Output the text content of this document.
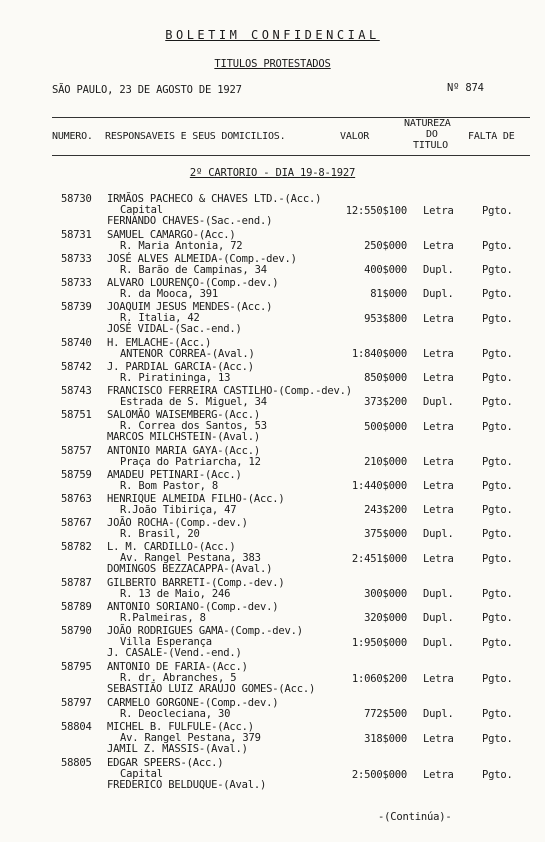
BOLETIM CONFIDENCIAL
TITULOS PROTESTADOS
SÃO PAULO, 23 DE AGOSTO DE 1927	Nº 874
NUMERO. RESPONSAVEIS E SEUS DOMICILIOS.	VALOR
NATUREZA
DO
TITULO
FALTA DE
2º CARTORIO - DIA 19-8-1927
58730 IRMÃOS PACHECO & CHAVES LTD.-(Acc.)
Capital
FERNANDO CHAVES-(Sac.-end.)
12:550$100 Letra	Pgto.
58731 SAMUEL CAMARGO-(Acc.)
R. Maria Antonia, 72	250$000 Letra	Pgto.
58733 JOSÉ ALVES ALMEIDA-(Comp.-dev.)
R. Barão de Campinas, 34	400$000 Dupl.	Pgto.
58733 ALVARO LOURENÇO-(Comp.-dev.)
R. da Mooca, 391	81$000 Dupl.	Pgto.
58739 JOAQUIM JESUS MENDES-(Acc.)
R. Italia, 42
JOSÉ VIDAL-(Sac.-end.)
953$800 Letra	Pgto.
58740 H. EMLACHE-(Acc.)
ANTENOR CORREA-(Aval.)	1:840$000 Letra	Pgto.
58742 J. PARDIAL GARCIA-(Acc.)
R. Piratininga, 13	850$000 Letra	Pgto.
58743 FRANCISCO FERREIRA CASTILHO-(Comp.-dev.)
Estrada de S. Miguel, 34	373$200 Dupl.	Pgto.
58751 SALOMÃO WAISEMBERG-(Acc.)
R. Correa dos Santos, 53
MARCOS MILCHSTEIN-(Aval.)
500$000 Letra	Pgto.
58757 ANTONIO MARIA GAYA-(Acc.)
Praça do Patriarcha, 12	210$000 Letra	Pgto.
58759 AMADEU PETINARI-(Acc.)
R. Bom Pastor, 8	1:440$000 Letra	Pgto.
58763 HENRIQUE ALMEIDA FILHO-(Acc.)
R.João Tibiriça, 47	243$200 Letra	Pgto.
58767 JOÃO ROCHA-(Comp.-dev.)
R. Brasil, 20	375$000 Dupl.	Pgto.
58782 L. M. CARDILLO-(Acc.)
Av. Rangel Pestana, 383
DOMINGOS BEZZACAPPA-(Aval.)
2:451$000 Letra	Pgto.
58787 GILBERTO BARRETI-(Comp.-dev.)
R. 13 de Maio, 246	300$000 Dupl.	Pgto.
58789 ANTONIO SORIANO-(Comp.-dev.)
R.Palmeiras, 8	320$000 Dupl.	Pgto.
58790 JOÃO RODRIGUES GAMA-(Comp.-dev.)
Villa Esperança
J. CASALE-(Vend.-end.)
1:950$000 Dupl.	Pgto.
58795 ANTONIO DE FARIA-(Acc.)
R. dr. Abranches, 5
SEBASTIÃO LUIZ ARAUJO GOMES-(Acc.)
1:060$200 Letra	Pgto.
58797 CARMELO GORGONE-(Comp.-dev.)
R. Deocleciana, 30	772$500 Dupl.	Pgto.
58804 MICHEL B. FULFULE-(Acc.)
Av. Rangel Pestana, 379
JAMIL Z. MASSIS-(Aval.)
318$000 Letra	Pgto.
58805 EDGAR SPEERS-(Acc.)
Capital
FREDERICO BELDUQUE-(Aval.)
2:500$000 Letra	Pgto.
-(Continúa)-
